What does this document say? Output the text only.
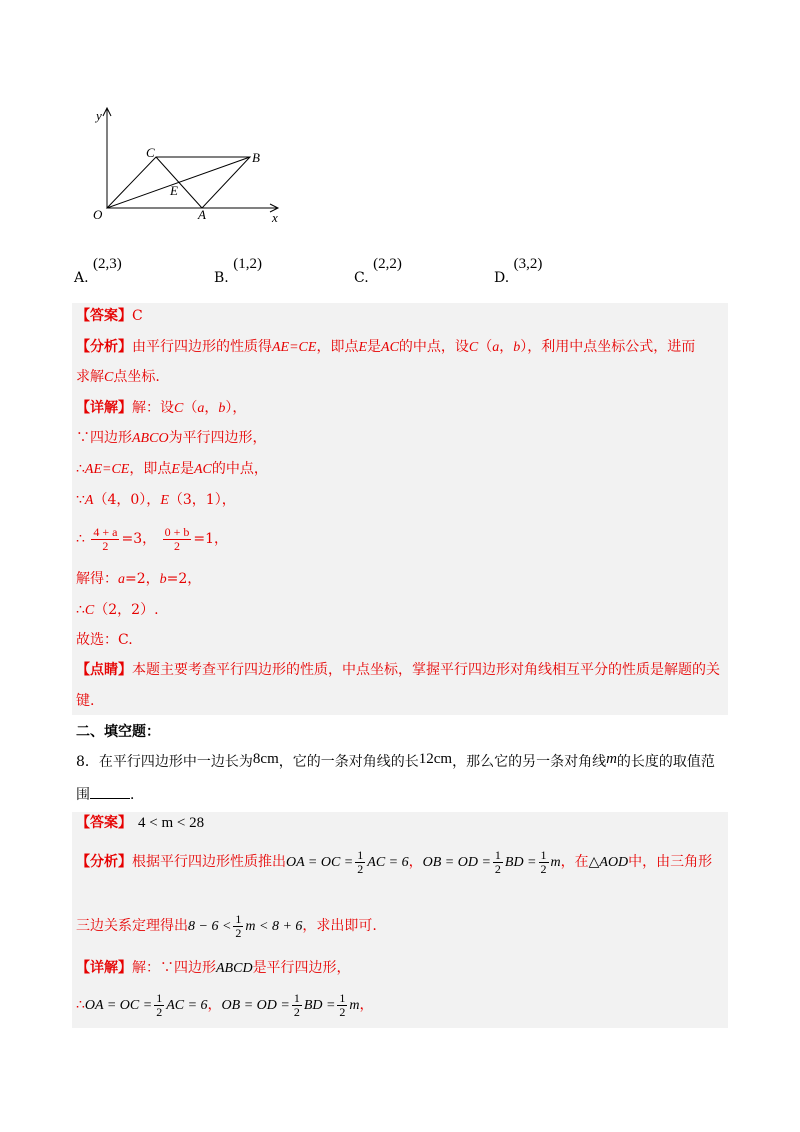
y
x
O	A
B
C
E
A. (2,3)
B. (1,2)
C. (2,2)
D. (3,2)
【答案】C
【分析】由平行四边形的性质得AE=CE，即点E是AC的中点，设C（a，b），利用中点坐标公式，进而
求解C点坐标.
【详解】解：设C（a，b），
∵四边形ABCO为平行四边形，
∴AE=CE，即点E是AC的中点，
∵A（4，0），E（3，1），
∴ $\frac{4 + a}{2} =3$， $\frac{0 + b}{2} =1$，
解得：a=2，b=2，
∴C（2，2）.
故选：C.
【点睛】本题主要考查平行四边形的性质，中点坐标，掌握平行四边形对角线相互平分的性质是解题的关
键.
二、填空题：
8．在平行四边形中一边长为8cm，它的一条对角线的长12cm，那么它的另一条对角线m的长度的取值范
围	．
【答案】 4 < m < 28
【分析】根据平行四边形性质推出OA = OC = $\frac{1}{2}$ AC = 6，OB = OD = $\frac{1}{2}$ BD = $\frac{1}{2}$ m，在△AOD中，由三角形
三边关系定理得出$8 - 6 < \frac{1}{2}$ m < 8 + 6，求出即可.
【详解】解：∵四边形ABCD是平行四边形，
∴OA = OC = $\frac{1}{2}$ AC = 6，OB = OD = $\frac{1}{2}$ BD = $\frac{1}{2}$ m，
